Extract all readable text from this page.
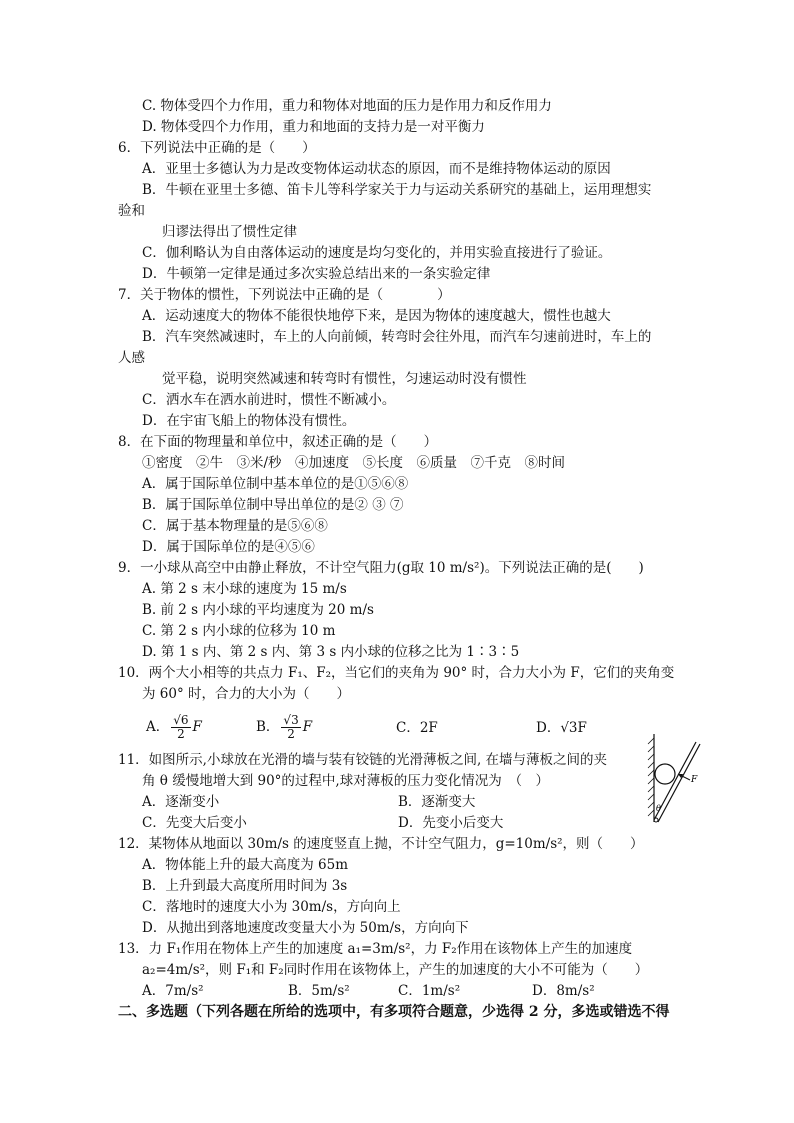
C. 物体受四个力作用，重力和物体对地面的压力是作用力和反作用力
D. 物体受四个力作用，重力和地面的支持力是一对平衡力
6．下列说法中正确的是（　　）
A．亚里士多德认为力是改变物体运动状态的原因，而不是维持物体运动的原因
B．牛顿在亚里士多德、笛卡儿等科学家关于力与运动关系研究的基础上，运用理想实
验和
归谬法得出了惯性定律
C．伽利略认为自由落体运动的速度是均匀变化的，并用实验直接进行了验证。
D．牛顿第一定律是通过多次实验总结出来的一条实验定律
7．关于物体的惯性，下列说法中正确的是（　　　　）
A．运动速度大的物体不能很快地停下来，是因为物体的速度越大，惯性也越大
B．汽车突然减速时，车上的人向前倾，转弯时会往外甩，而汽车匀速前进时，车上的
人感
觉平稳，说明突然减速和转弯时有惯性，匀速运动时没有惯性
C．洒水车在洒水前进时，惯性不断减小。
D．在宇宙飞船上的物体没有惯性。
8．在下面的物理量和单位中，叙述正确的是（　　）
①密度　②牛　③米/秒　④加速度　⑤长度　⑥质量　⑦千克　⑧时间
A．属于国际单位制中基本单位的是①⑤⑥⑧
B．属于国际单位制中导出单位的是② ③ ⑦
C．属于基本物理量的是⑤⑥⑧
D．属于国际单位的是④⑤⑥
9．一小球从高空中由静止释放，不计空气阻力(g取 10 m/s²)。下列说法正确的是(　　)
A. 第 2 s 末小球的速度为 15 m/s
B. 前 2 s 内小球的平均速度为 20 m/s
C. 第 2 s 内小球的位移为 10 m
D. 第 1 s 内、第 2 s 内、第 3 s 内小球的位移之比为 1∶3∶5
10．两个大小相等的共点力 F₁、F₂，当它们的夹角为 90° 时，合力大小为 F，它们的夹角变
为 60° 时，合力的大小为（　　）
A． $\frac{√6}{2}$ F	B． $\frac{√3}{2}$ F	C．2F	D．√3F
11．如图所示,小球放在光滑的墙与装有铰链的光滑薄板之间, 在墙与薄板之间的夹
角 θ 缓慢地增大到 90°的过程中,球对薄板的压力变化情况为　（　）
A．逐渐变小	B．逐渐变大
C．先变大后变小	D．先变小后变大
F
θ
12．某物体从地面以 30m/s 的速度竖直上抛，不计空气阻力，g=10m/s²，则（　　）
A．物体能上升的最大高度为 65m
B．上升到最大高度所用时间为 3s
C．落地时的速度大小为 30m/s，方向向上
D．从抛出到落地速度改变量大小为 50m/s，方向向下
13．力 F₁作用在物体上产生的加速度 a₁=3m/s²，力 F₂作用在该物体上产生的加速度
a₂=4m/s²，则 F₁和 F₂同时作用在该物体上，产生的加速度的大小不可能为（　　）
A．7m/s²	B．5m/s²	C．1m/s²	D．8m/s²
二、多选题（下列各题在所给的选项中，有多项符合题意，少选得 2 分，多选或错选不得
